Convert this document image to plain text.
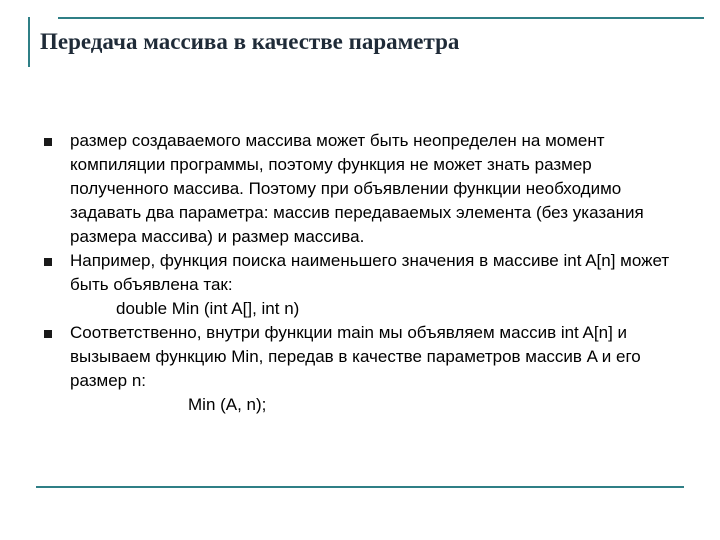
Передача массива в качестве параметра
размер создаваемого массива может быть неопределен на момент компиляции программы, поэтому функция не может знать размер полученного массива. Поэтому при объявлении функции необходимо задавать два параметра: массив передаваемых элемента (без указания размера массива) и размер массива.
Например, функция поиска наименьшего значения в массиве int A[n] может быть объявлена так:
double Min (int A[], int n)
Соответственно, внутри функции main мы объявляем массив int A[n] и вызываем функцию Min, передав в качестве параметров массив A и его размер n:
Min (A, n);
